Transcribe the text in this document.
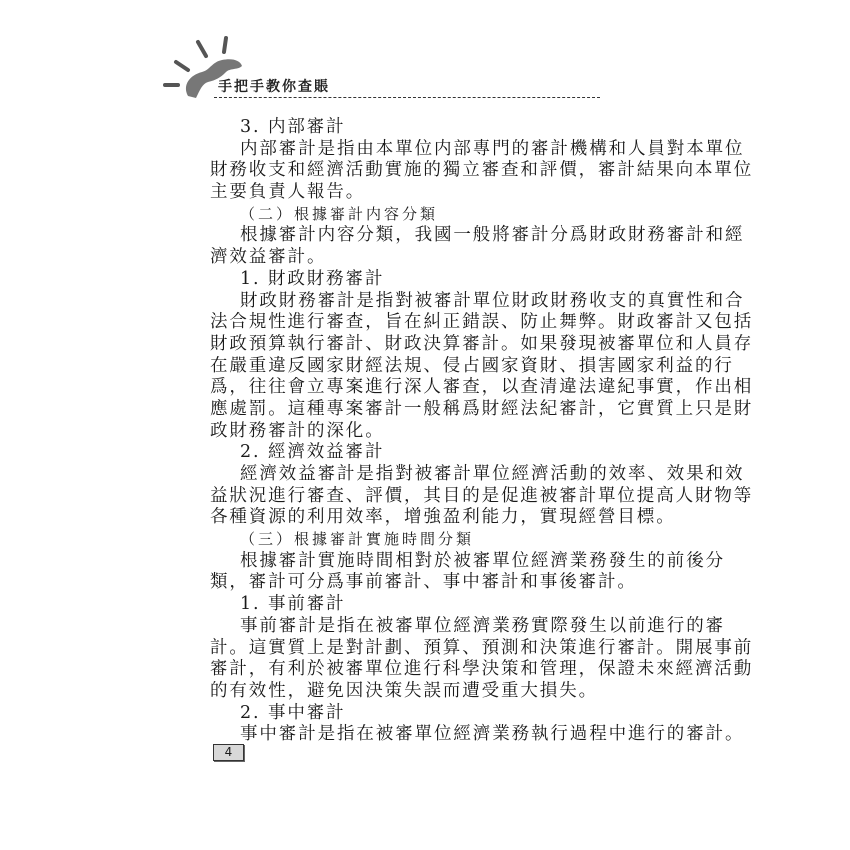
手把手教你查賬
3. 内部審計
内部審計是指由本單位内部專門的審計機構和人員對本單位
財務收支和經濟活動實施的獨立審查和評價，審計結果向本單位
主要負責人報告。
（二）根據審計内容分類
根據審計内容分類，我國一般將審計分爲財政財務審計和經
濟效益審計。
1. 財政財務審計
財政財務審計是指對被審計單位財政財務收支的真實性和合
法合規性進行審查，旨在糾正錯誤、防止舞弊。財政審計又包括
財政預算執行審計、財政決算審計。如果發現被審單位和人員存
在嚴重違反國家財經法規、侵占國家資財、損害國家利益的行
爲，往往會立專案進行深人審查，以查清違法違紀事實，作出相
應處罰。這種專案審計一般稱爲財經法紀審計，它實質上只是財
政財務審計的深化。
2. 經濟效益審計
經濟效益審計是指對被審計單位經濟活動的效率、效果和效
益狀況進行審查、評價，其目的是促進被審計單位提高人財物等
各種資源的利用效率，增強盈利能力，實現經營目標。
（三）根據審計實施時間分類
根據審計實施時間相對於被審單位經濟業務發生的前後分
類，審計可分爲事前審計、事中審計和事後審計。
1. 事前審計
事前審計是指在被審單位經濟業務實際發生以前進行的審
計。這實質上是對計劃、預算、預測和決策進行審計。開展事前
審計，有利於被審單位進行科學決策和管理，保證未來經濟活動
的有效性，避免因決策失誤而遭受重大損失。
2. 事中審計
事中審計是指在被審單位經濟業務執行過程中進行的審計。
4
